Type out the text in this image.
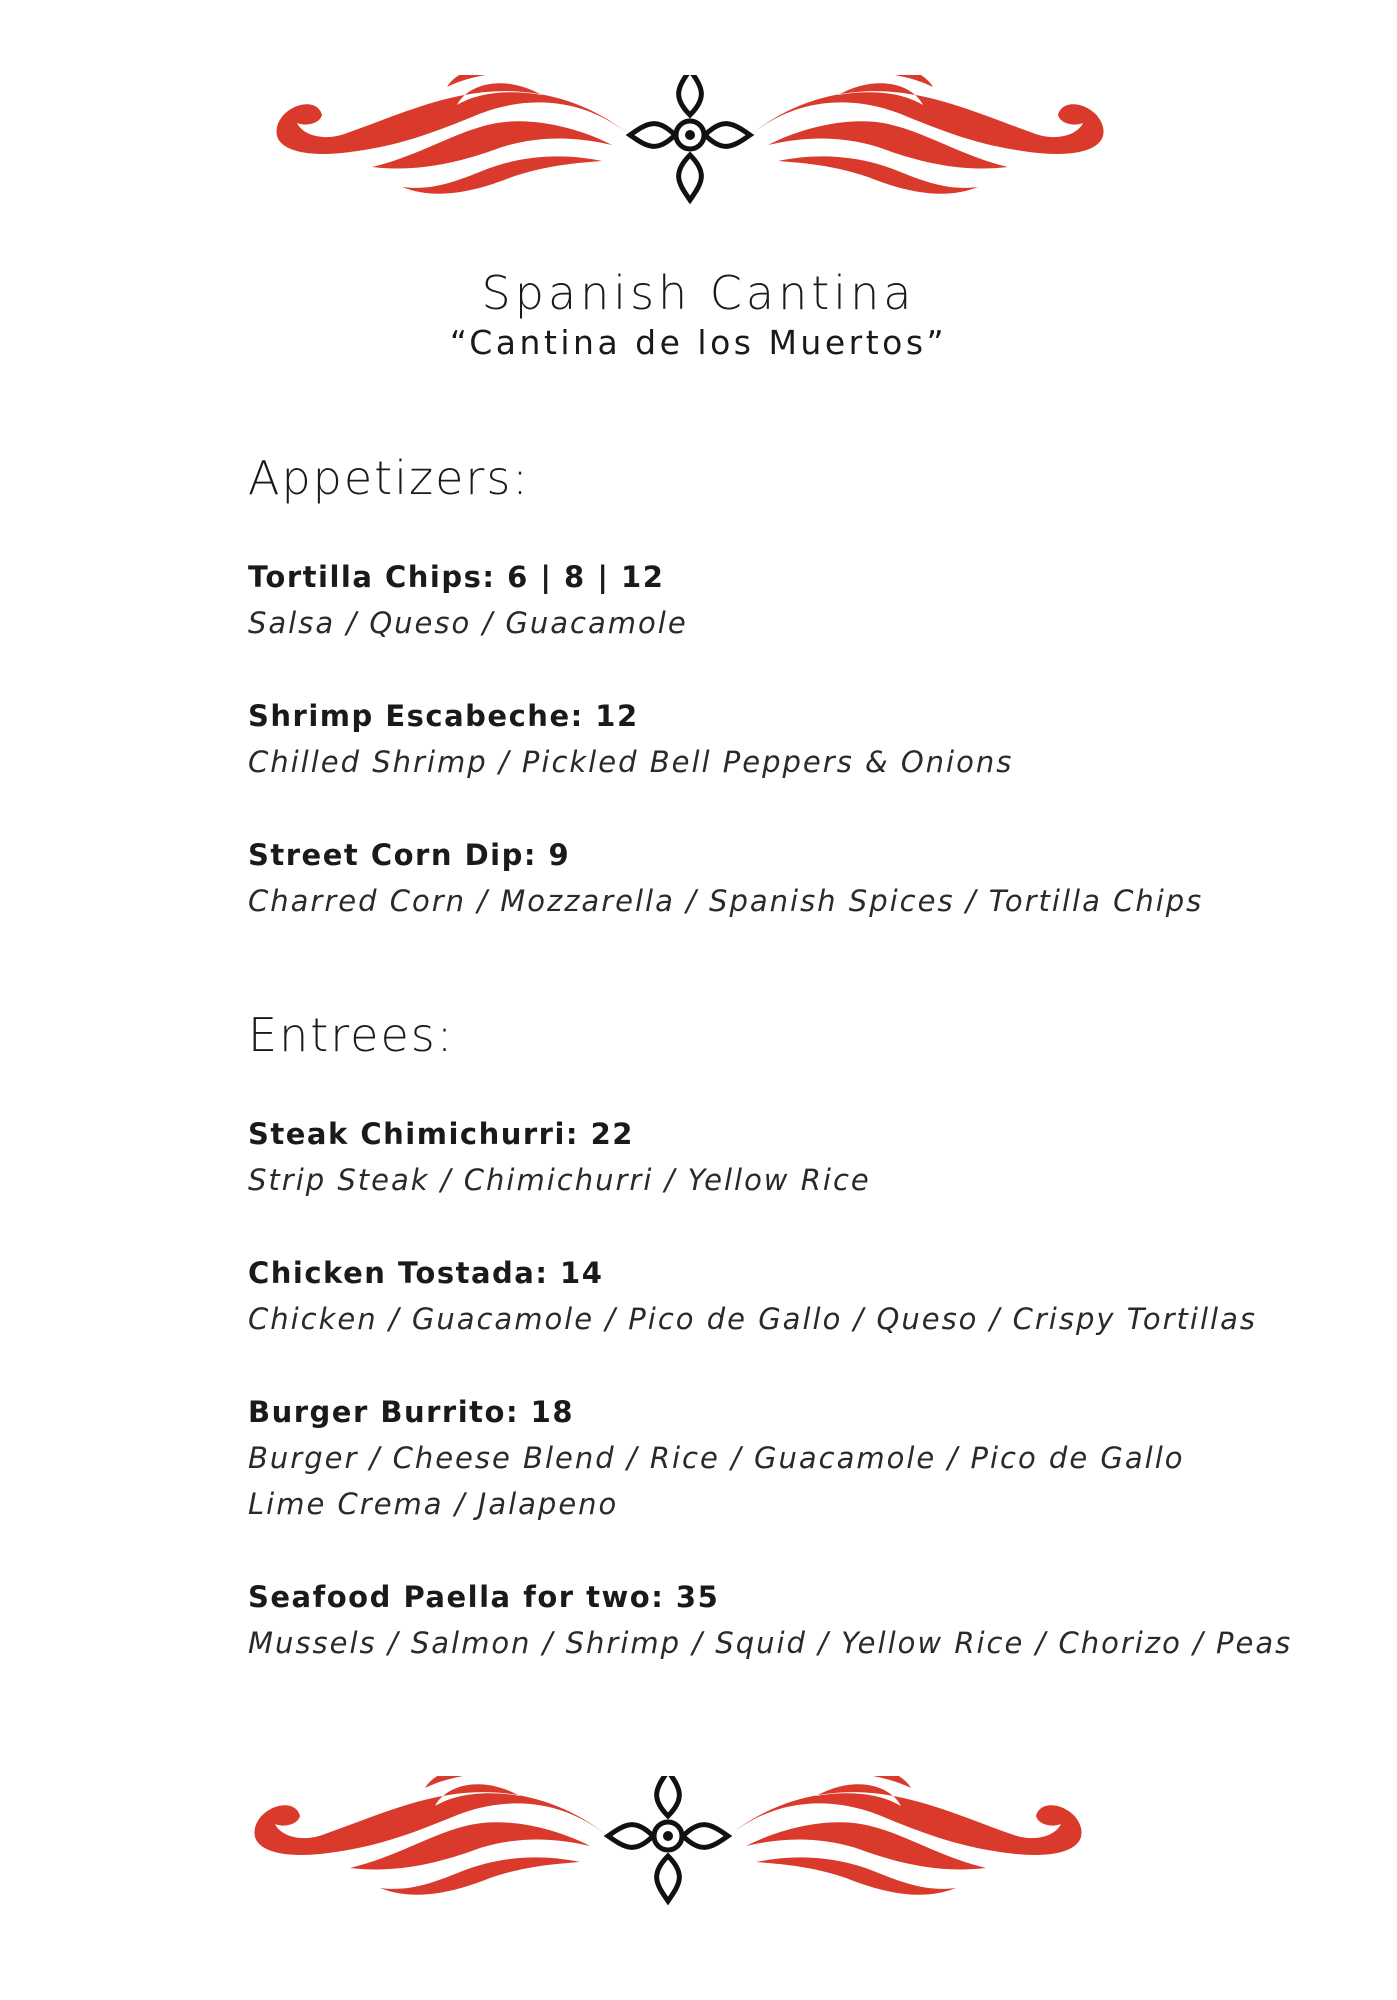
Spanish Cantina
“Cantina de los Muertos”
Appetizers:
Tortilla Chips: 6 | 8 | 12
Salsa / Queso / Guacamole
Shrimp Escabeche: 12
Chilled Shrimp / Pickled Bell Peppers & Onions
Street Corn Dip: 9
Charred Corn / Mozzarella / Spanish Spices / Tortilla Chips
Entrees:
Steak Chimichurri: 22
Strip Steak / Chimichurri / Yellow Rice
Chicken Tostada: 14
Chicken / Guacamole / Pico de Gallo / Queso / Crispy Tortillas
Burger Burrito: 18
Burger / Cheese Blend / Rice / Guacamole / Pico de Gallo
Lime Crema / Jalapeno
Seafood Paella for two: 35
Mussels / Salmon / Shrimp / Squid / Yellow Rice / Chorizo / Peas
